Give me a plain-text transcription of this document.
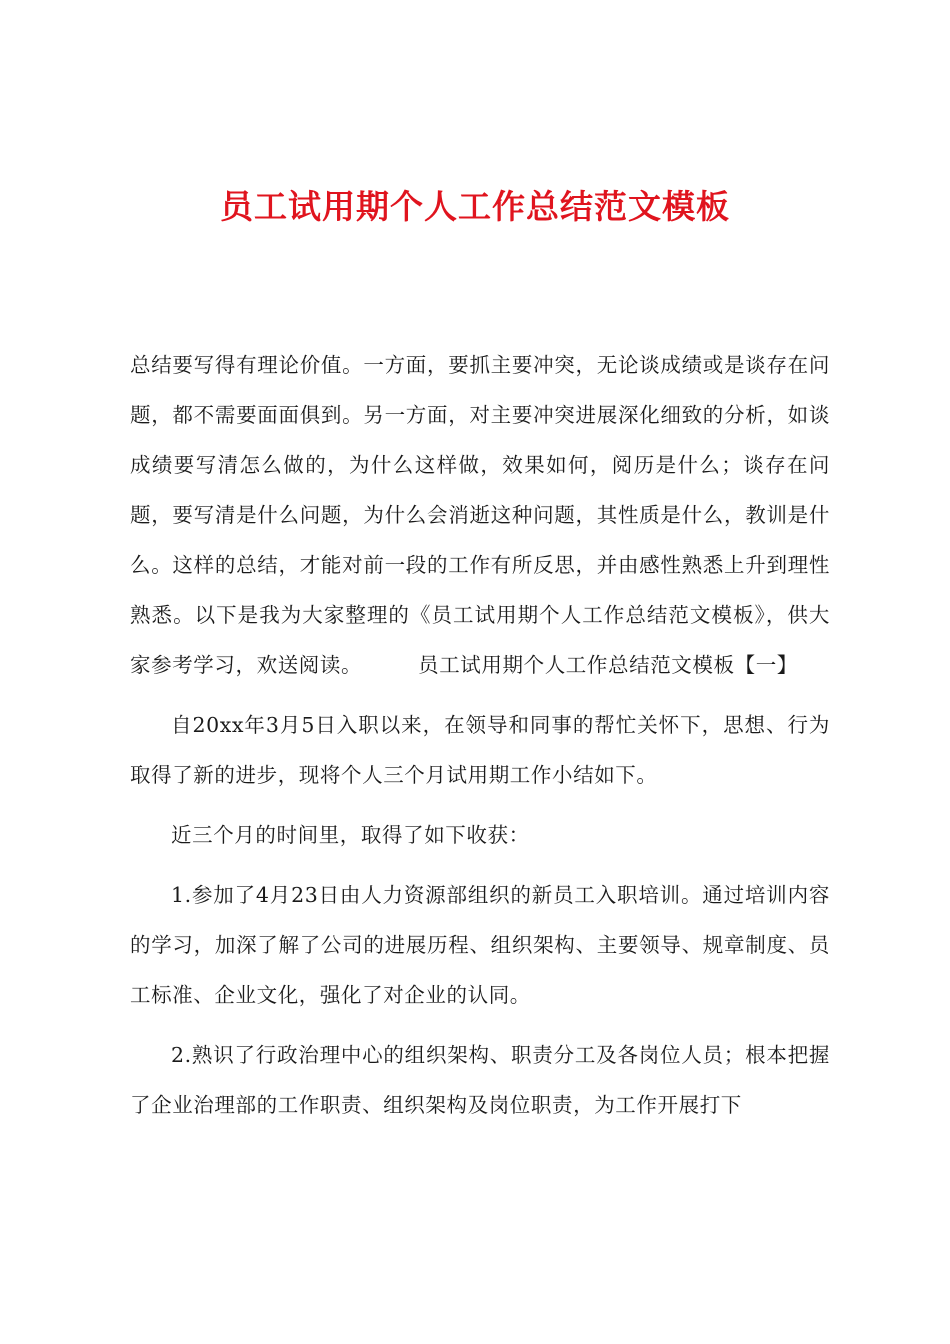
员工试用期个人工作总结范文模板

总结要写得有理论价值。一方面，要抓主要冲突，无论谈成绩或是谈存在问题，都不需要面面俱到。另一方面，对主要冲突进展深化细致的分析，如谈成绩要写清怎么做的，为什么这样做，效果如何，阅历是什么；谈存在问题，要写清是什么问题，为什么会消逝这种问题，其性质是什么，教训是什么。这样的总结，才能对前一段的工作有所反思，并由感性熟悉上升到理性熟悉。以下是我为大家整理的《员工试用期个人工作总结范文模板》，供大家参考学习，欢送阅读。	员工试用期个人工作总结范文模板【一】

自20xx年3月5日入职以来，在领导和同事的帮忙关怀下，思想、行为取得了新的进步，现将个人三个月试用期工作小结如下。

近三个月的时间里，取得了如下收获：

1.参加了4月23日由人力资源部组织的新员工入职培训。通过培训内容的学习，加深了解了公司的进展历程、组织架构、主要领导、规章制度、员工标准、企业文化，强化了对企业的认同。

2.熟识了行政治理中心的组织架构、职责分工及各岗位人员；根本把握了企业治理部的工作职责、组织架构及岗位职责，为工作开展打下
